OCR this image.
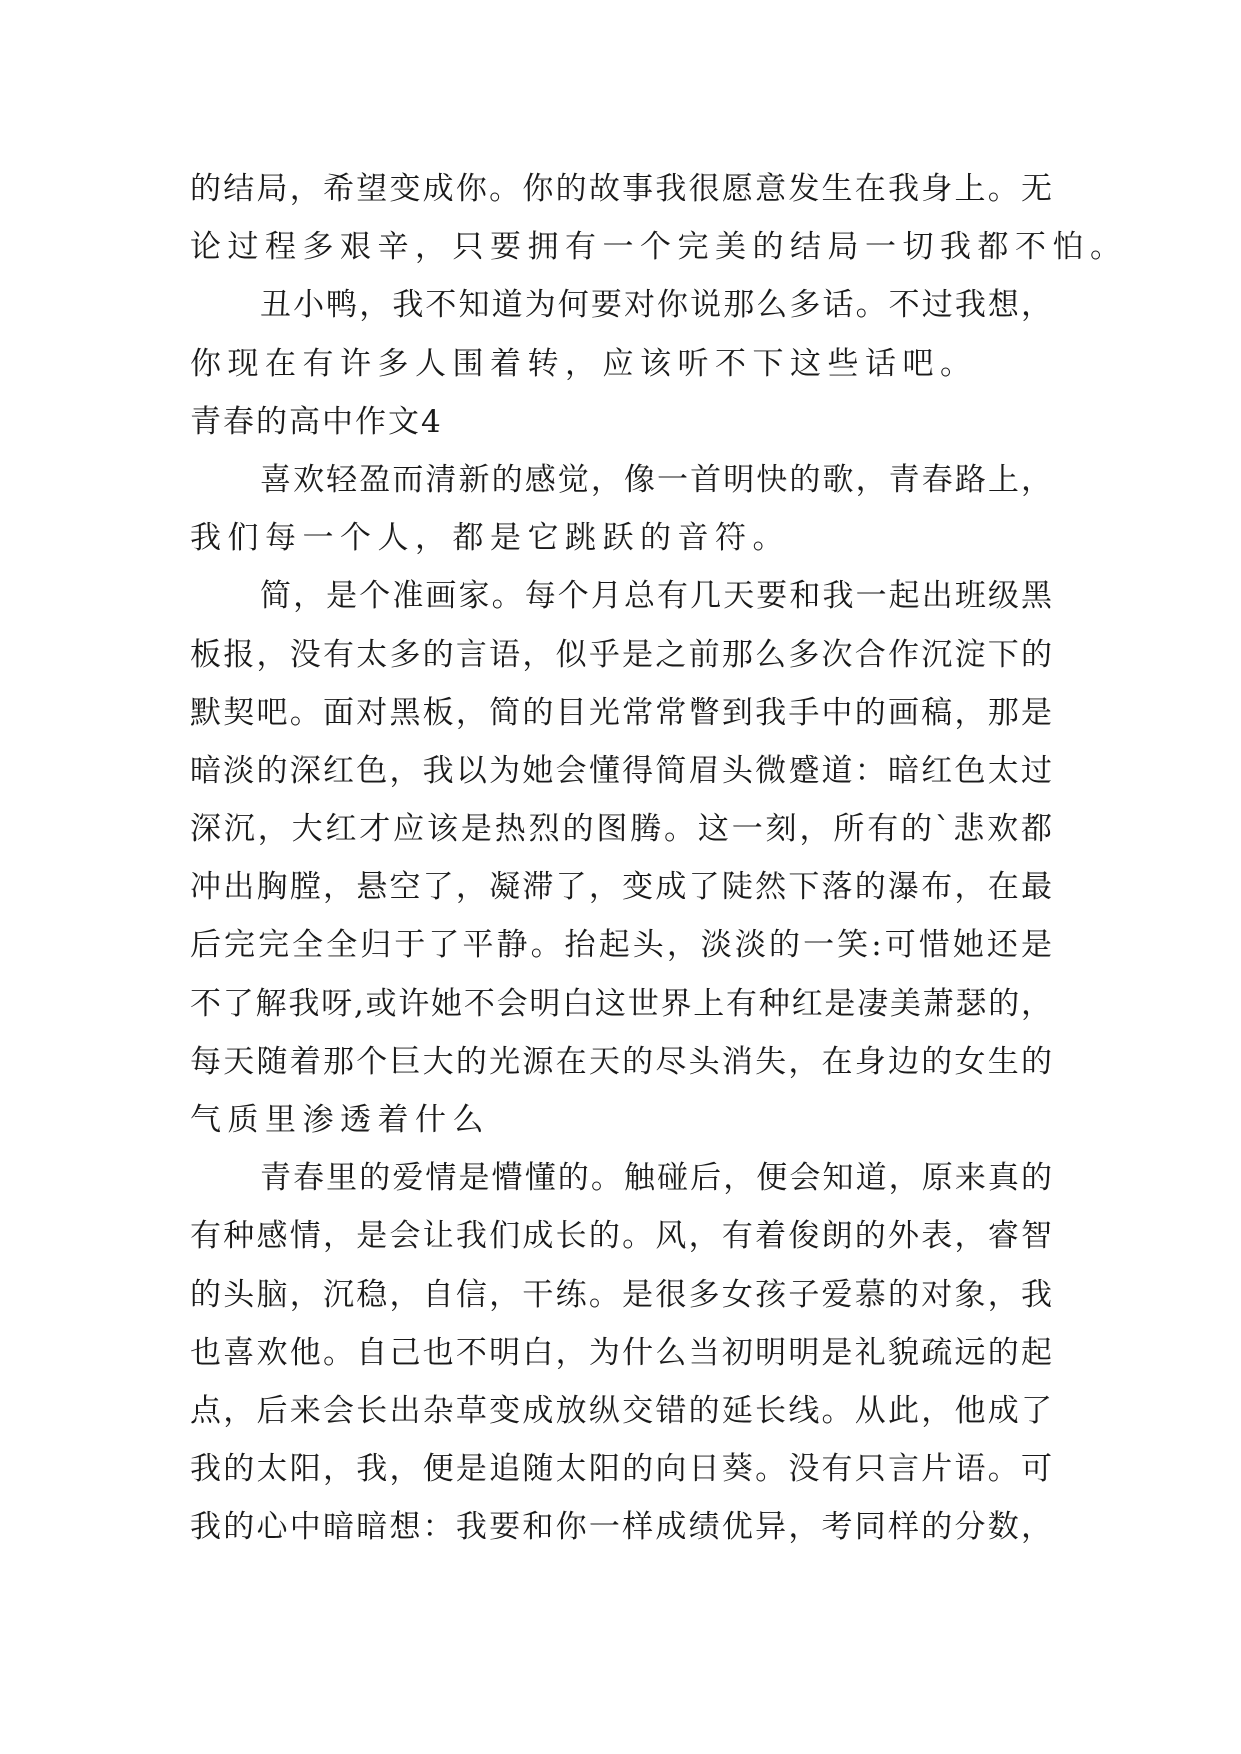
的结局，希望变成你。你的故事我很愿意发生在我身上。无
论过程多艰辛，只要拥有一个完美的结局一切我都不怕。
丑小鸭，我不知道为何要对你说那么多话。不过我想，
你现在有许多人围着转，应该听不下这些话吧。
青春的高中作文4
喜欢轻盈而清新的感觉，像一首明快的歌，青春路上，
我们每一个人，都是它跳跃的音符。
简，是个准画家。每个月总有几天要和我一起出班级黑
板报，没有太多的言语，似乎是之前那么多次合作沉淀下的
默契吧。面对黑板，简的目光常常瞥到我手中的画稿，那是
暗淡的深红色，我以为她会懂得简眉头微蹙道：暗红色太过
深沉，大红才应该是热烈的图腾。这一刻，所有的`悲欢都
冲出胸膛，悬空了，凝滞了，变成了陡然下落的瀑布，在最
后完完全全归于了平静。抬起头，淡淡的一笑:可惜她还是
不了解我呀,或许她不会明白这世界上有种红是凄美萧瑟的，
每天随着那个巨大的光源在天的尽头消失，在身边的女生的
气质里渗透着什么
青春里的爱情是懵懂的。触碰后，便会知道，原来真的
有种感情，是会让我们成长的。风，有着俊朗的外表，睿智
的头脑，沉稳，自信，干练。是很多女孩子爱慕的对象，我
也喜欢他。自己也不明白，为什么当初明明是礼貌疏远的起
点，后来会长出杂草变成放纵交错的延长线。从此，他成了
我的太阳，我，便是追随太阳的向日葵。没有只言片语。可
我的心中暗暗想：我要和你一样成绩优异，考同样的分数，
